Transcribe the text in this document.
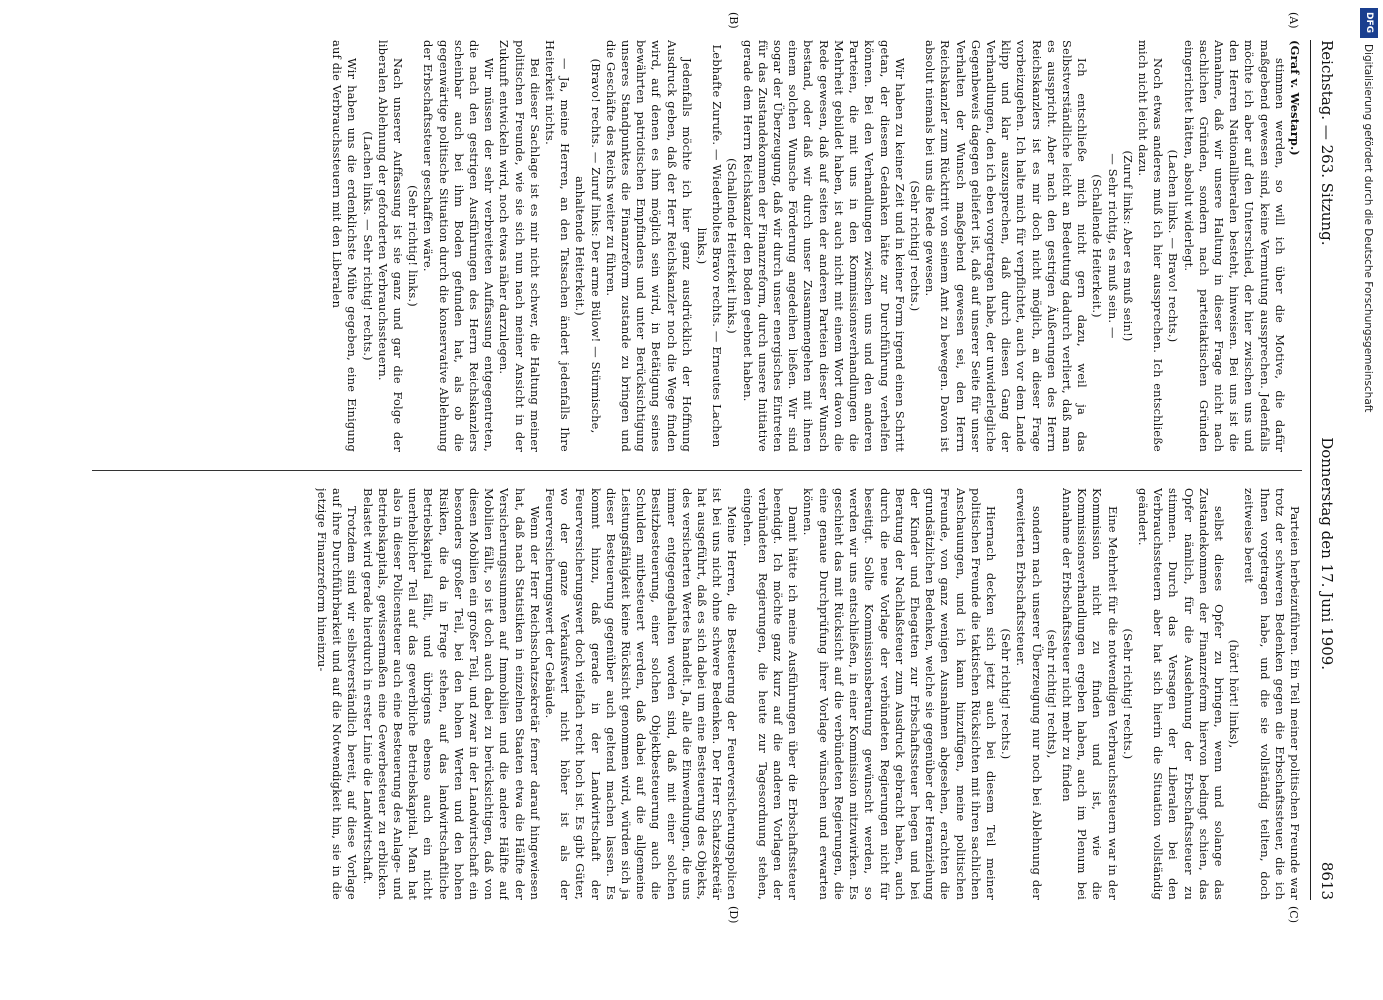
Reichstag. — 263. Sitzung.
Donnerstag den 17. Juni 1909.
8613
(A)
(B)
(C)
(D)

(Graf v. Westarp.)

stimmen werden, so will ich über die Motive, die dafür maßgebend gewesen sind, keine Vermutung aussprechen. Jedenfalls möchte ich aber auf den Unterschied, der hier zwischen uns und den Herren Nationalliberalen besteht, hinweisen. Bei uns ist die Annahme, daß wir unsere Haltung in dieser Frage nicht nach sachlichen Gründen, sondern nach parteitaktischen Gründen eingerichtet hätten, absolut widerlegt.

(Lachen links. — Bravo! rechts.)

Noch etwas anderes muß ich hier aussprechen. Ich entschließe mich nicht leicht dazu.

(Zuruf links: Aber es muß sein!)

— Sehr richtig, es muß sein. —

(Schallende Heiterkeit.)

Ich entschließe mich nicht gern dazu, weil ja das Selbstverständliche leicht an Bedeutung dadurch verliert, daß man es ausspricht. Aber nach den gestrigen Äußerungen des Herrn Reichskanzlers ist es mir doch nicht möglich, an dieser Frage vorbeizugehen. Ich halte mich für verpflichtet, auch vor dem Lande klipp und klar auszusprechen, daß durch diesen Gang der Verhandlungen, den ich eben vorgetragen habe, der unwiderlegliche Gegenbeweis dagegen geliefert ist, daß auf unserer Seite für unser Verhalten der Wunsch maßgebend gewesen sei, den Herrn Reichskanzler zum Rücktritt von seinem Amt zu bewegen. Davon ist absolut niemals bei uns die Rede gewesen.

(Sehr richtig! rechts.)

Wir haben zu keiner Zeit und in keiner Form irgend einen Schritt getan, der diesem Gedanken hätte zur Durchführung verhelfen können. Bei den Verhandlungen zwischen uns und den anderen Parteien, die mit uns in den Kommissionsverhandlungen die Mehrheit gebildet haben, ist auch nicht mit einem Wort davon die Rede gewesen, daß auf seiten der anderen Parteien dieser Wunsch bestand, oder daß wir durch unser Zusammengehen mit ihnen einem solchen Wunsche Förderung angedeihen ließen. Wir sind sogar der Überzeugung, daß wir durch unser energisches Eintreten für das Zustandekommen der Finanzreform, durch unsere Initiative gerade dem Herrn Reichskanzler den Boden geebnet haben.

(Schallende Heiterkeit links.)

Lebhafte Zurufe. — Wiederholtes Bravo rechts. — Erneutes Lachen links.)

Jedenfalls möchte ich hier ganz ausdrücklich der Hoffnung Ausdruck geben, daß der Herr Reichskanzler noch die Wege finden wird, auf denen es ihm möglich sein wird, in Betätigung seines bewährten patriotischen Empfindens und unter Berücksichtigung unseres Standpunktes die Finanzreform zustande zu bringen und die Geschäfte des Reichs weiter zu führen.

(Bravo! rechts. — Zuruf links: Der arme Bülow! — Stürmische, anhaltende Heiterkeit.)

— Ja, meine Herren, an den Tatsachen ändert jedenfalls Ihre Heiterkeit nichts.

Bei dieser Sachlage ist es mir nicht schwer, die Haltung meiner politischen Freunde, wie sie sich nun nach meiner Ansicht in der Zukunft entwickeln wird, noch etwas näher darzulegen.

Wir müssen der sehr verbreiteten Auffassung entgegentreten, die nach den gestrigen Ausführungen des Herrn Reichskanzlers scheinbar auch bei ihm Boden gefunden hat, als ob die gegenwärtige politische Situation durch die konservative Ablehnung der Erbschaftssteuer geschaffen wäre.

(Sehr richtig! links.)

Nach unserer Auffassung ist sie ganz und gar die Folge der liberalen Ablehnung der geforderten Verbrauchssteuern.

(Lachen links. — Sehr richtig! rechts.)

Wir haben uns die erdenklichste Mühe gegeben, eine Einigung auf die Verbrauchssteuern mit den Liberalen

Parteien herbeizuführen. Ein Teil meiner politischen Freunde war trotz der schweren Bedenken gegen die Erbschaftssteuer, die ich Ihnen vorgetragen habe, und die sie vollständig teilten, doch zeitweise bereit

(hört! hört! links),

selbst dieses Opfer zu bringen, wenn und solange das Zustandekommen der Finanzreform hiervon bedingt schien, das Opfer nämlich, für die Ausdehnung der Erbschaftssteuer zu stimmen. Durch das Versagen der Liberalen bei den Verbrauchssteuern aber hat sich hierin die Situation vollständig geändert.

(Sehr richtig! rechts.)

Eine Mehrheit für die notwendigen Verbrauchssteuern war in der Kommission nicht zu finden und ist, wie die Kommissionsverhandlungen ergeben haben, auch im Plenum bei Annahme der Erbschaftssteuer nicht mehr zu finden

(sehr richtig! rechts),

sondern nach unserer Überzeugung nur noch bei Ablehnung der erweiterten Erbschaftssteuer.

(Sehr richtig! rechts.)

Hiernach decken sich jetzt auch bei diesem Teil meiner politischen Freunde die taktischen Rücksichten mit ihren sachlichen Anschauungen, und ich kann hinzufügen, meine politischen Freunde, von ganz wenigen Ausnahmen abgesehen, erachten die grundsätzlichen Bedenken, welche sie gegenüber der Heranziehung der Kinder und Ehegatten zur Erbschaftssteuer hegen und bei Beratung der Nachlaßsteuer zum Ausdruck gebracht haben, auch durch die neue Vorlage der verbündeten Regierungen nicht für beseitigt. Sollte Kommissionsberatung gewünscht werden, so werden wir uns entschließen, in einer Kommission mitzuwirken. Es geschieht das mit Rücksicht auf die verbündeten Regierungen, die eine genaue Durchprüfung ihrer Vorlage wünschen und erwarten können.

Damit hätte ich meine Ausführungen über die Erbschaftssteuer beendigt. Ich möchte ganz kurz auf die anderen Vorlagen der verbündeten Regierungen, die heute zur Tagesordnung stehen, eingehen.

Meine Herren, die Besteuerung der Feuerversicherungspolicen ist bei uns nicht ohne schwere Bedenken. Der Herr Schatzsekretär hat ausgeführt, daß es sich dabei um eine Besteuerung des Objekts, des versicherten Wertes handelt. Ja, alle die Einwendungen, die uns immer entgegengehalten worden sind, daß mit einer solchen Besitzbesteuerung, einer solchen Objektbesteuerung auch die Schulden mitbesteuert werden, daß dabei auf die allgemeine Leistungsfähigkeit keine Rücksicht genommen wird, würden sich ja dieser Besteuerung gegenüber auch geltend machen lassen. Es kommt hinzu, daß gerade in der Landwirtschaft der Feuerversicherungswert doch vielfach recht hoch ist. Es gibt Güter, wo der ganze Verkaufswert nicht höher ist als der Feuerversicherungswert der Gebäude.

Wenn der Herr Reichsschatzsekretär ferner darauf hingewiesen hat, daß nach Statistiken in einzelnen Staaten etwa die Hälfte der Versicherungssummen auf Immobilien und die andere Hälfte auf Mobilien fällt, so ist doch auch dabei zu berücksichtigen, daß von diesen Mobilien ein großer Teil, und zwar in der Landwirtschaft ein besonders großer Teil, bei den hohen Werten und den hohen Risiken, die da in Frage stehen, auf das landwirtschaftliche Betriebskapital fällt, und übrigens ebenso auch ein nicht unerheblicher Teil auf das gewerbliche Betriebskapital. Man hat also in dieser Policensteuer auch eine Besteuerung des Anlage- und Betriebskapitals, gewissermaßen eine Gewerbesteuer zu erblicken. Belastet wird gerade hierdurch in erster Linie die Landwirtschaft.

Trotzdem sind wir selbstverständlich bereit, auf diese Vorlage auf ihre Durchführbarkeit und auf die Notwendigkeit hin, sie in die jetzige Finanzreform hineinzu-

DFG
Digitalisierung gefördert durch die Deutsche Forschungsgemeinschaft
